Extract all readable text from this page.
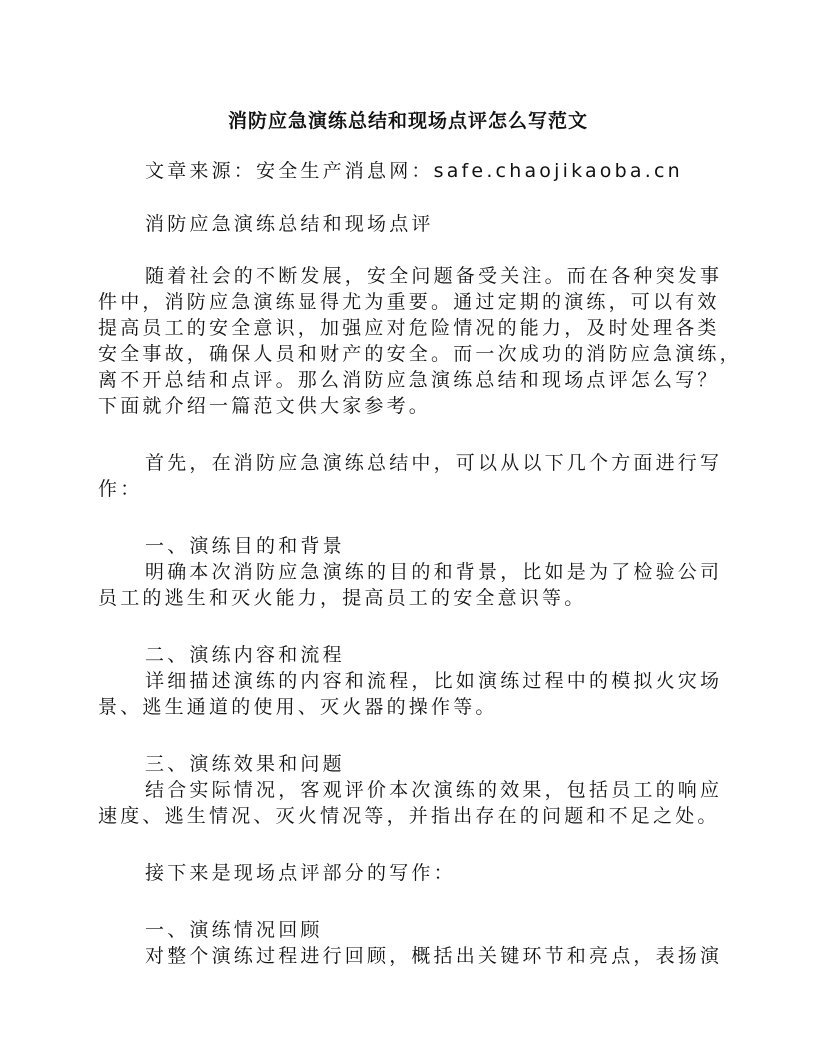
消防应急演练总结和现场点评怎么写范文
文章来源：安全生产消息网：safe.chaojikaoba.cn
消防应急演练总结和现场点评
随着社会的不断发展，安全问题备受关注。而在各种突发事
件中，消防应急演练显得尤为重要。通过定期的演练，可以有效
提高员工的安全意识，加强应对危险情况的能力，及时处理各类
安全事故，确保人员和财产的安全。而一次成功的消防应急演练，
离不开总结和点评。那么消防应急演练总结和现场点评怎么写？
下面就介绍一篇范文供大家参考。
首先，在消防应急演练总结中，可以从以下几个方面进行写
作：
一、演练目的和背景
明确本次消防应急演练的目的和背景，比如是为了检验公司
员工的逃生和灭火能力，提高员工的安全意识等。
二、演练内容和流程
详细描述演练的内容和流程，比如演练过程中的模拟火灾场
景、逃生通道的使用、灭火器的操作等。
三、演练效果和问题
结合实际情况，客观评价本次演练的效果，包括员工的响应
速度、逃生情况、灭火情况等，并指出存在的问题和不足之处。
接下来是现场点评部分的写作：
一、演练情况回顾
对整个演练过程进行回顾，概括出关键环节和亮点，表扬演
